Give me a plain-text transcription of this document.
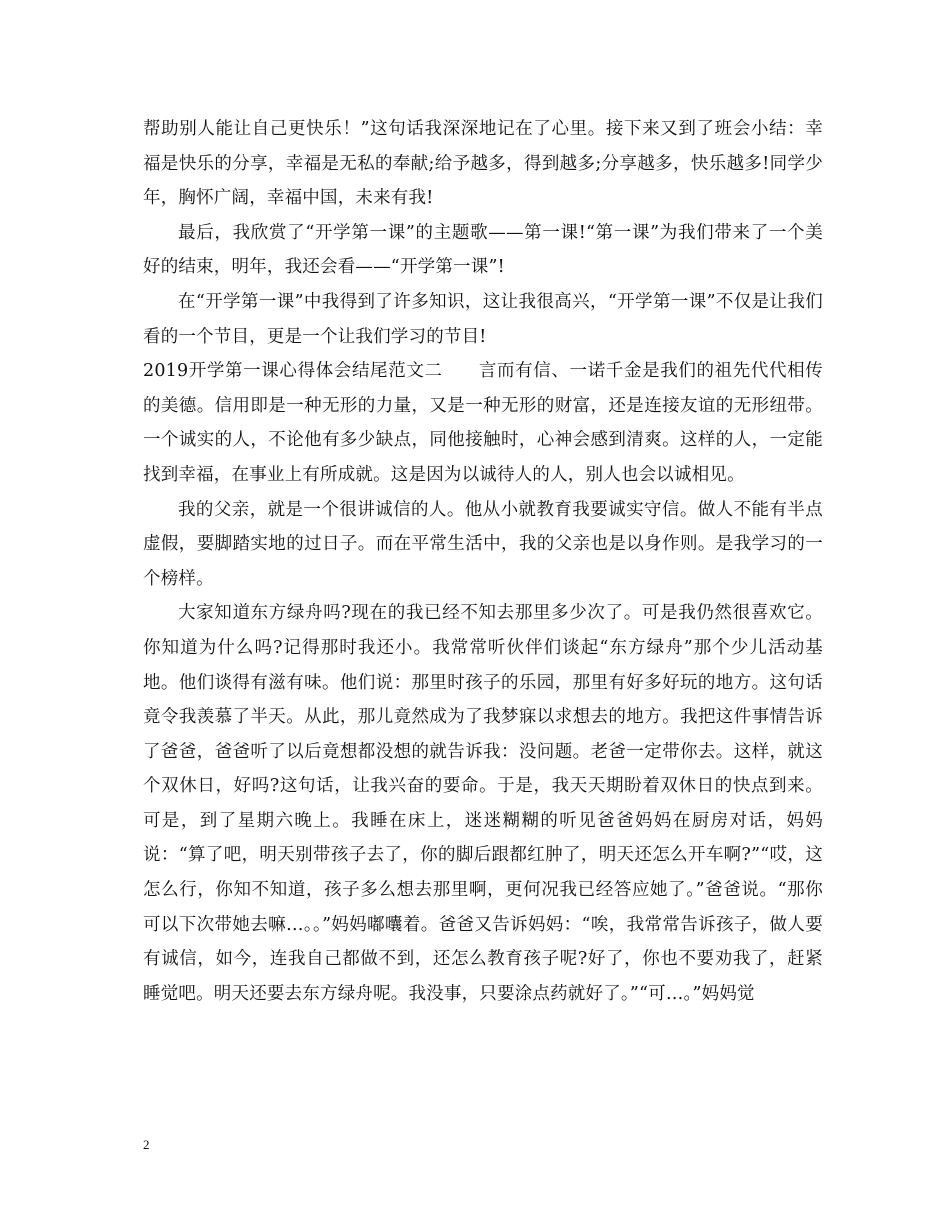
帮助别人能让自己更快乐！”这句话我深深地记在了心里。接下来又到了班会小结：幸福是快乐的分享，幸福是无私的奉献;给予越多，得到越多;分享越多，快乐越多!同学少年，胸怀广阔，幸福中国，未来有我!

最后，我欣赏了“开学第一课”的主题歌——第一课!“第一课”为我们带来了一个美好的结束，明年，我还会看——“开学第一课”!

在“开学第一课”中我得到了许多知识，这让我很高兴，“开学第一课”不仅是让我们看的一个节目，更是一个让我们学习的节目!

2019开学第一课心得体会结尾范文二　　言而有信、一诺千金是我们的祖先代代相传的美德。信用即是一种无形的力量，又是一种无形的财富，还是连接友谊的无形纽带。一个诚实的人，不论他有多少缺点，同他接触时，心神会感到清爽。这样的人，一定能找到幸福，在事业上有所成就。这是因为以诚待人的人，别人也会以诚相见。

我的父亲，就是一个很讲诚信的人。他从小就教育我要诚实守信。做人不能有半点虚假，要脚踏实地的过日子。而在平常生活中，我的父亲也是以身作则。是我学习的一个榜样。

大家知道东方绿舟吗?现在的我已经不知去那里多少次了。可是我仍然很喜欢它。你知道为什么吗?记得那时我还小。我常常听伙伴们谈起“东方绿舟”那个少儿活动基地。他们谈得有滋有味。他们说：那里时孩子的乐园，那里有好多好玩的地方。这句话竟令我羡慕了半天。从此，那儿竟然成为了我梦寐以求想去的地方。我把这件事情告诉了爸爸，爸爸听了以后竟想都没想的就告诉我：没问题。老爸一定带你去。这样，就这个双休日，好吗?这句话，让我兴奋的要命。于是，我天天期盼着双休日的快点到来。可是，到了星期六晚上。我睡在床上，迷迷糊糊的听见爸爸妈妈在厨房对话，妈妈说：“算了吧，明天别带孩子去了，你的脚后跟都红肿了，明天还怎么开车啊?”“哎，这怎么行，你知不知道，孩子多么想去那里啊，更何况我已经答应她了。”爸爸说。“那你可以下次带她去嘛…。。”妈妈嘟囔着。爸爸又告诉妈妈：“唉，我常常告诉孩子，做人要有诚信，如今，连我自己都做不到，还怎么教育孩子呢?好了，你也不要劝我了，赶紧睡觉吧。明天还要去东方绿舟呢。我没事，只要涂点药就好了。”“可…。”妈妈觉

2
